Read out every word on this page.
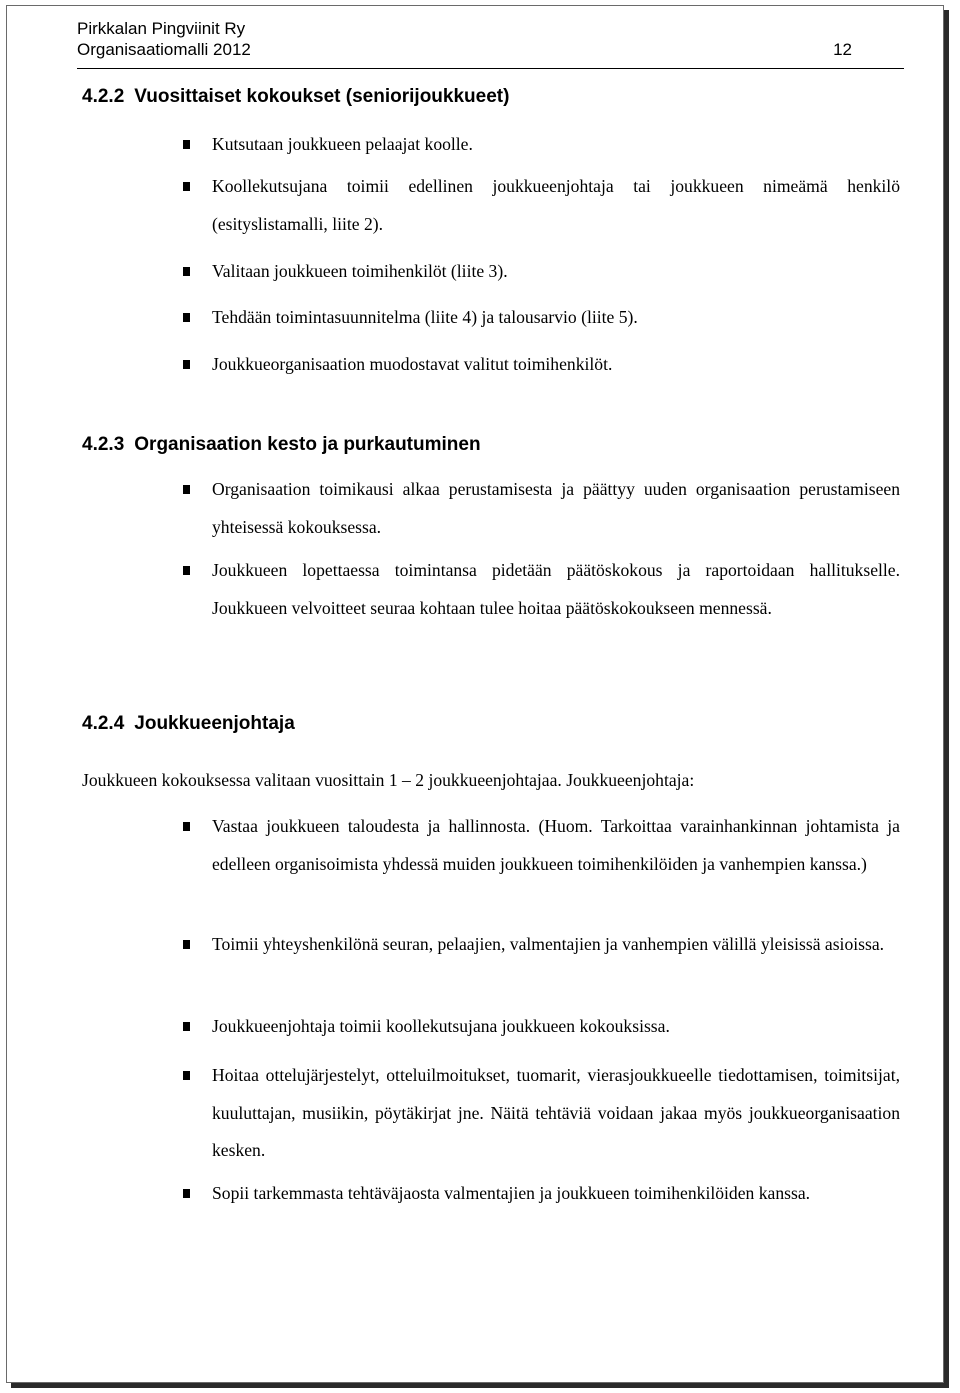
Pirkkalan Pingviinit Ry
Organisaatiomalli 2012	12
4.2.2 Vuosittaiset kokoukset (seniorijoukkueet)
Kutsutaan joukkueen pelaajat koolle.
Koollekutsujana toimii edellinen joukkueenjohtaja tai joukkueen nimeämä henkilö (esityslistamalli, liite 2).
Valitaan joukkueen toimihenkilöt (liite 3).
Tehdään toimintasuunnitelma (liite 4) ja talousarvio (liite 5).
Joukkueorganisaation muodostavat valitut toimihenkilöt.
4.2.3 Organisaation kesto ja purkautuminen
Organisaation toimikausi alkaa perustamisesta ja päättyy uuden organisaation perustamiseen yhteisessä kokouksessa.
Joukkueen lopettaessa toimintansa pidetään päätöskokous ja raportoidaan hallitukselle. Joukkueen velvoitteet seuraa kohtaan tulee hoitaa päätöskokoukseen mennessä.
4.2.4 Joukkueenjohtaja
Joukkueen kokouksessa valitaan vuosittain 1 – 2 joukkueenjohtajaa. Joukkueenjohtaja:
Vastaa joukkueen taloudesta ja hallinnosta. (Huom. Tarkoittaa varainhankinnan johtamista ja edelleen organisoimista yhdessä muiden joukkueen toimihenkilöiden ja vanhempien kanssa.)
Toimii yhteyshenkilönä seuran, pelaajien, valmentajien ja vanhempien välillä yleisissä asioissa.
Joukkueenjohtaja toimii koollekutsujana joukkueen kokouksissa.
Hoitaa ottelujärjestelyt, otteluilmoitukset, tuomarit, vierasjoukkueelle tiedottamisen, toimitsijat, kuuluttajan, musiikin, pöytäkirjat jne. Näitä tehtäviä voidaan jakaa myös joukkueorganisaation kesken.
Sopii tarkemmasta tehtäväjaosta valmentajien ja joukkueen toimihenkilöiden kanssa.
